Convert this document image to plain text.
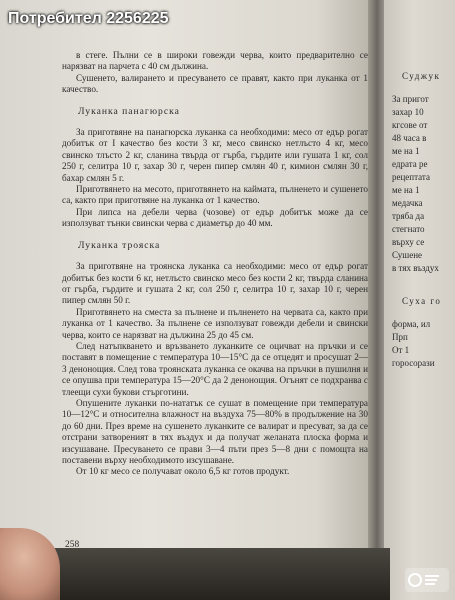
Потребител 2256225

в стеге. Пълни се в широки говежди черва, които предварително се нарязват на парчета с 40 см дължина.

Сушенето, валирането и пресуването се правят, както при луканка от 1 качество.

Луканка панагюрска

За приготвяне на панагюрска луканка са необходими: месо от едър рогат добитък от I качество без кости 3 кг, месо свинско нетлъсто 4 кг, месо свинско тлъсто 2 кг, сланина твърда от гърба, гърдите или гушата 1 кг, сол 250 г, селитра 10 г, захар 30 г, черен пипер смлян 40 г, кимион смлян 30 г, бахар смлян 5 г.

Приготвянето на месото, приготвянето на каймата, пълненето и сушенето са, както при приготвяне на луканка от 1 качество.

При липса на дебели черва (чозове) от едър добитък може да се използуват тънки свински черва с диаметър до 40 мм.

Луканка трояска

За приготвяне на троянска луканка са необходими: месо от едър рогат добитък без кости 6 кг, нетлъсто свинско месо без кости 2 кг, твърда сланина от гърба, гърдите и гушата 2 кг, сол 250 г, селитра 10 г, захар 10 г, черен пипер смлян 50 г.

Приготвянето на сместа за пълнене и пълненето на червата са, както при луканка от 1 качество. За пълнене се използуват говежди дебели и свински черва, които се нарязват на дължина 25 до 45 см.

След натъпкването и връзването луканките се оцичват на пръчки и се поставят в помещение с температура 10—15°С да се отцедят и просушат 2—3 денонощия. След това троянската луканка се окачва на пръчки в пушилня и се опушва при температура 15—20°С да 2 денонощия. Огънят се подхранва с тлеещи сухи букови стърготини.

Опушените луканки по-нататък се сушат в помещение при температура 10—12°С и относителна влажност на въздуха 75—80% в продължение на 30 до 60 дни. През време на сушенето луканките се валират и пресуват, за да се отстрани затвореният в тях въздух и да получат желаната плоска форма и изсушаване. Пресуването се прави 3—4 пъти през 5—8 дни с помощта на поставени върху необходимото изсушаване.

От 10 кг месо се получават около 6,5 кг готов продукт.

258
Суджук
За пригот
захар 10
кгсове от
48 часа в
ме на 1
едрата ре
рецептата
ме на 1
медачка
тряба да
стегнато
върху се
Сушене
в тях въздух
Суха го
форма, ил
Прп
От 1
горосорази
